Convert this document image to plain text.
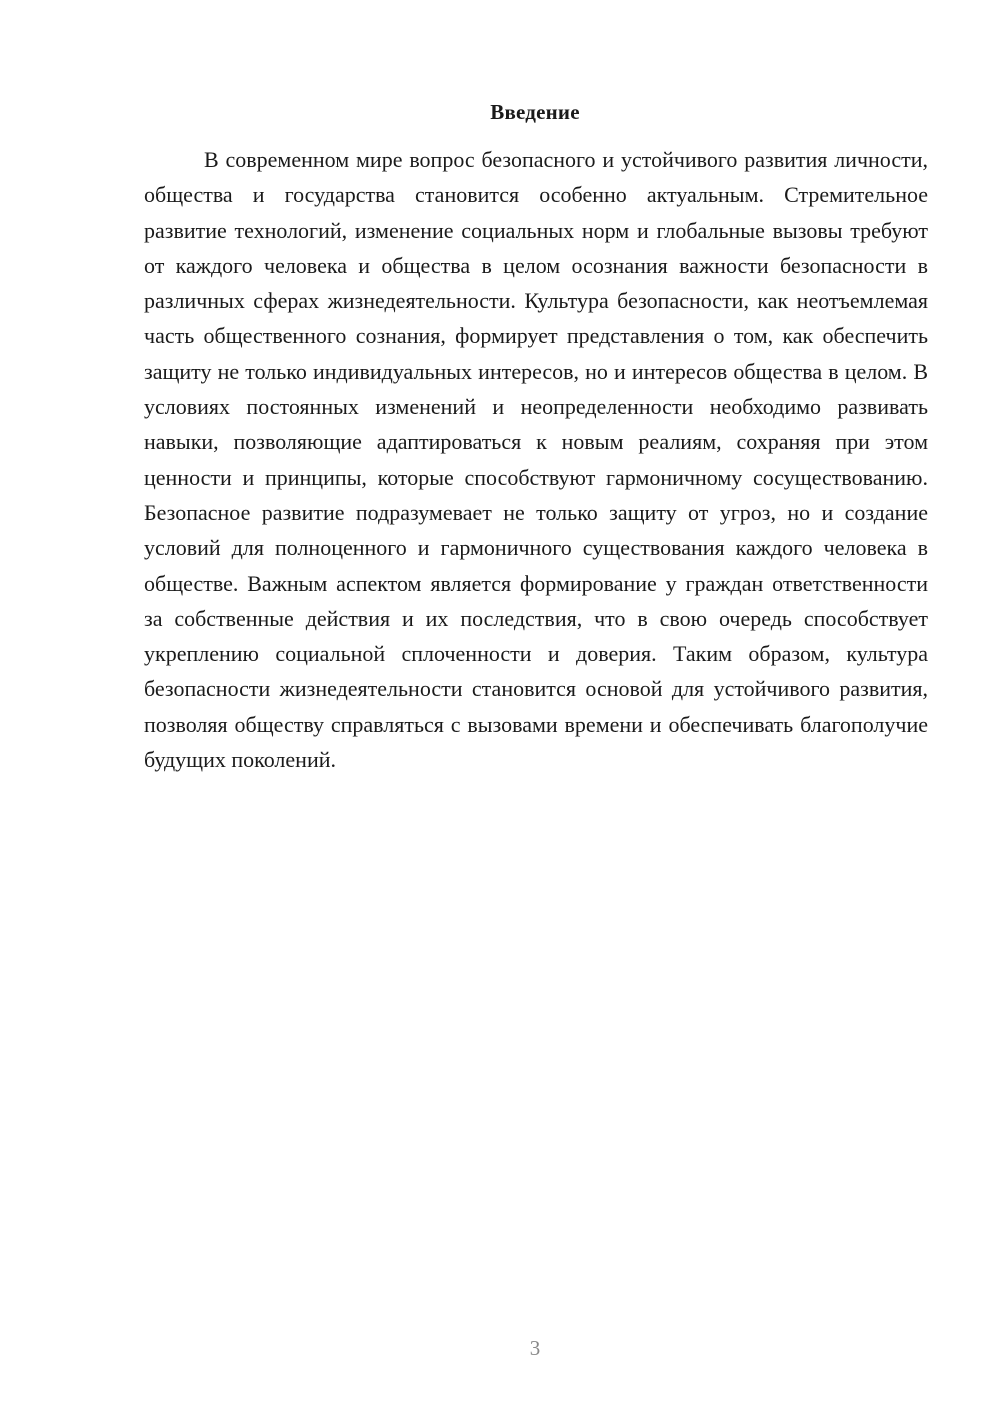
Введение

В современном мире вопрос безопасного и устойчивого развития личности, общества и государства становится особенно актуальным. Стремительное развитие технологий, изменение социальных норм и глобальные вызовы требуют от каждого человека и общества в целом осознания важности безопасности в различных сферах жизнедеятельности. Культура безопасности, как неотъемлемая часть общественного сознания, формирует представления о том, как обеспечить защиту не только индивидуальных интересов, но и интересов общества в целом. В условиях постоянных изменений и неопределенности необходимо развивать навыки, позволяющие адаптироваться к новым реалиям, сохраняя при этом ценности и принципы, которые способствуют гармоничному сосуществованию. Безопасное развитие подразумевает не только защиту от угроз, но и создание условий для полноценного и гармоничного существования каждого человека в обществе. Важным аспектом является формирование у граждан ответственности за собственные действия и их последствия, что в свою очередь способствует укреплению социальной сплоченности и доверия. Таким образом, культура безопасности жизнедеятельности становится основой для устойчивого развития, позволяя обществу справляться с вызовами времени и обеспечивать благополучие будущих поколений.

3
